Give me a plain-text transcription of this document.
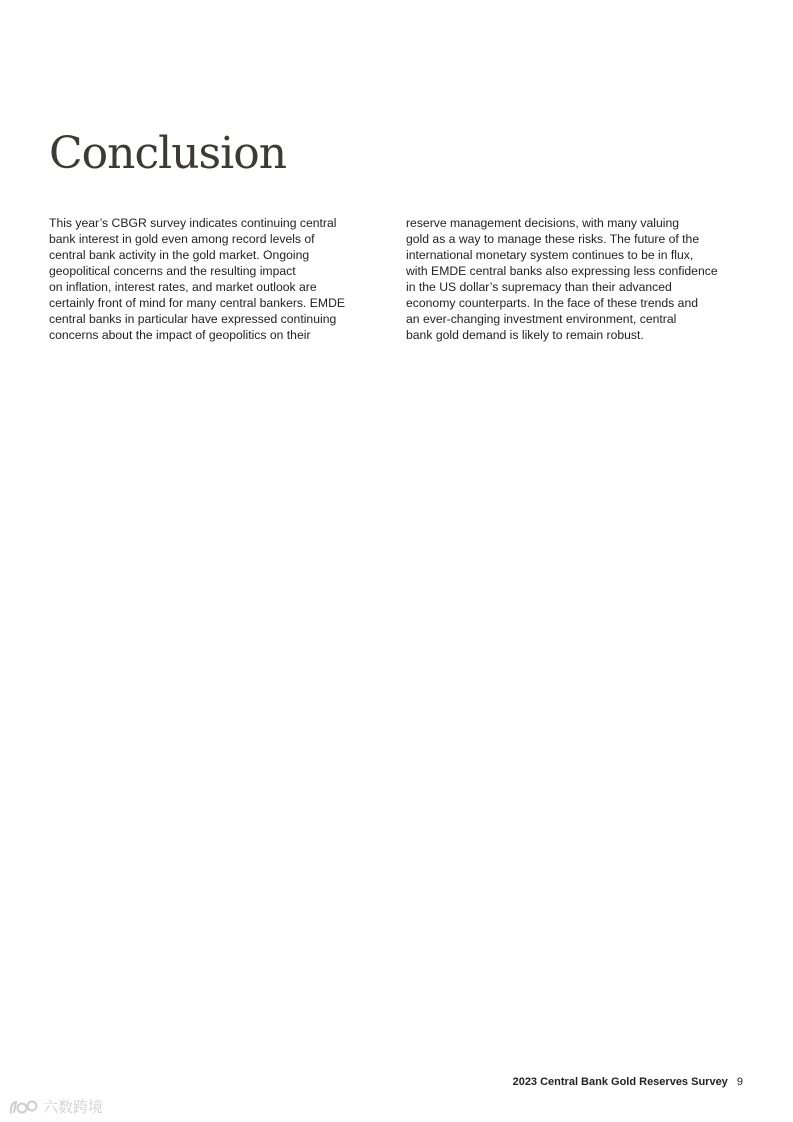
Conclusion
This year’s CBGR survey indicates continuing central
bank interest in gold even among record levels of
central bank activity in the gold market. Ongoing
geopolitical concerns and the resulting impact
on inflation, interest rates, and market outlook are
certainly front of mind for many central bankers. EMDE
central banks in particular have expressed continuing
concerns about the impact of geopolitics on their
reserve management decisions, with many valuing
gold as a way to manage these risks. The future of the
international monetary system continues to be in flux,
with EMDE central banks also expressing less confidence
in the US dollar’s supremacy than their advanced
economy counterparts. In the face of these trends and
an ever-changing investment environment, central
bank gold demand is likely to remain robust.
2023 Central Bank Gold Reserves Survey 9
六数跨境
